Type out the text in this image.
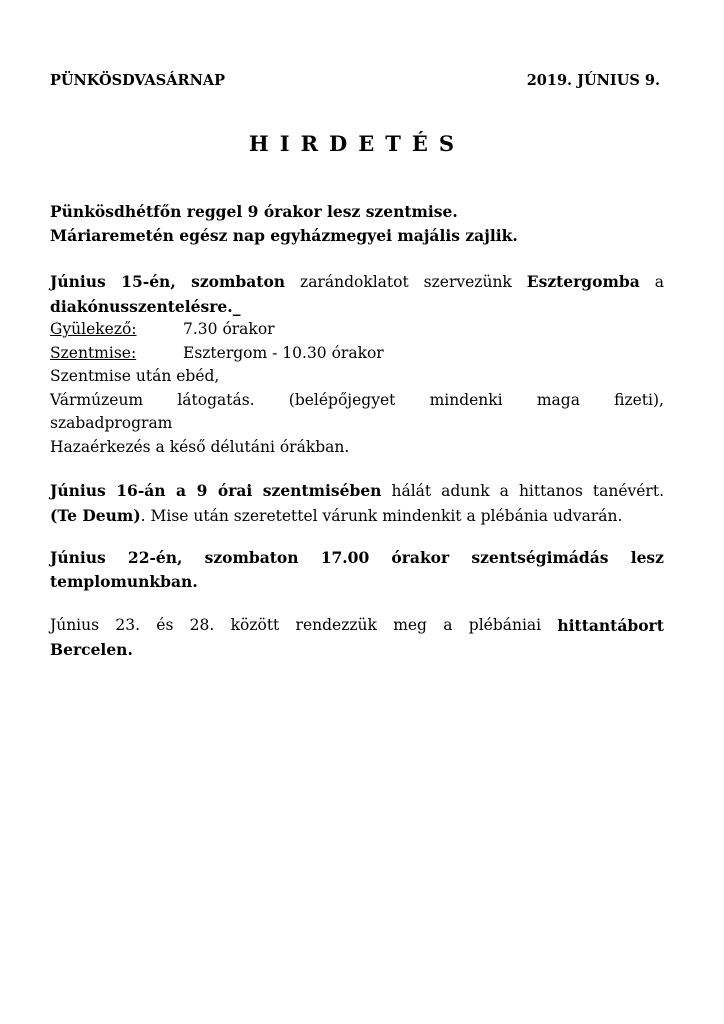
PÜNKÖSDVASÁRNAP	2019. JÚNIUS 9.
HIRDETÉS
Pünkösdhétfőn reggel 9 órakor lesz szentmise.
Máriaremetén egész nap egyházmegyei majális zajlik.
Június 15-én, szombaton zarándoklatot szervezünk Esztergomba a
diakónusszentelésre._
Gyülekező:	7.30 órakor
Szentmise:	Esztergom - 10.30 órakor
Szentmise után ebéd,
Vármúzeum látogatás. (belépőjegyet mindenki maga fizeti),
szabadprogram
Hazaérkezés a késő délutáni órákban.
Június 16-án a 9 órai szentmisében hálát adunk a hittanos tanévért.
(Te Deum). Mise után szeretettel várunk mindenkit a plébánia udvarán.
Június 22-én, szombaton 17.00 órakor szentségimádás lesz
templomunkban.
Június 23. és 28. között rendezzük meg a plébániai hittantábort
Bercelen.
